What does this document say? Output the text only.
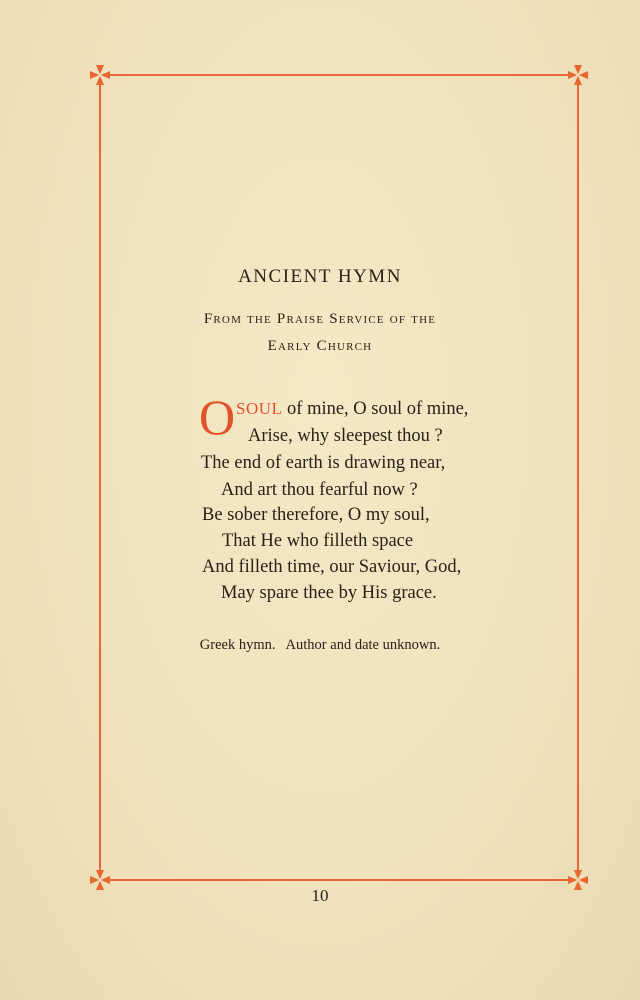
ANCIENT HYMN
From the Praise Service of the
Early Church
O SOUL of mine, O soul of mine,
Arise, why sleepest thou ?
The end of earth is drawing near,
And art thou fearful now ?
Be sober therefore, O my soul,
That He who filleth space
And filleth time, our Saviour, God,
May spare thee by His grace.
Greek hymn.   Author and date unknown.
10
